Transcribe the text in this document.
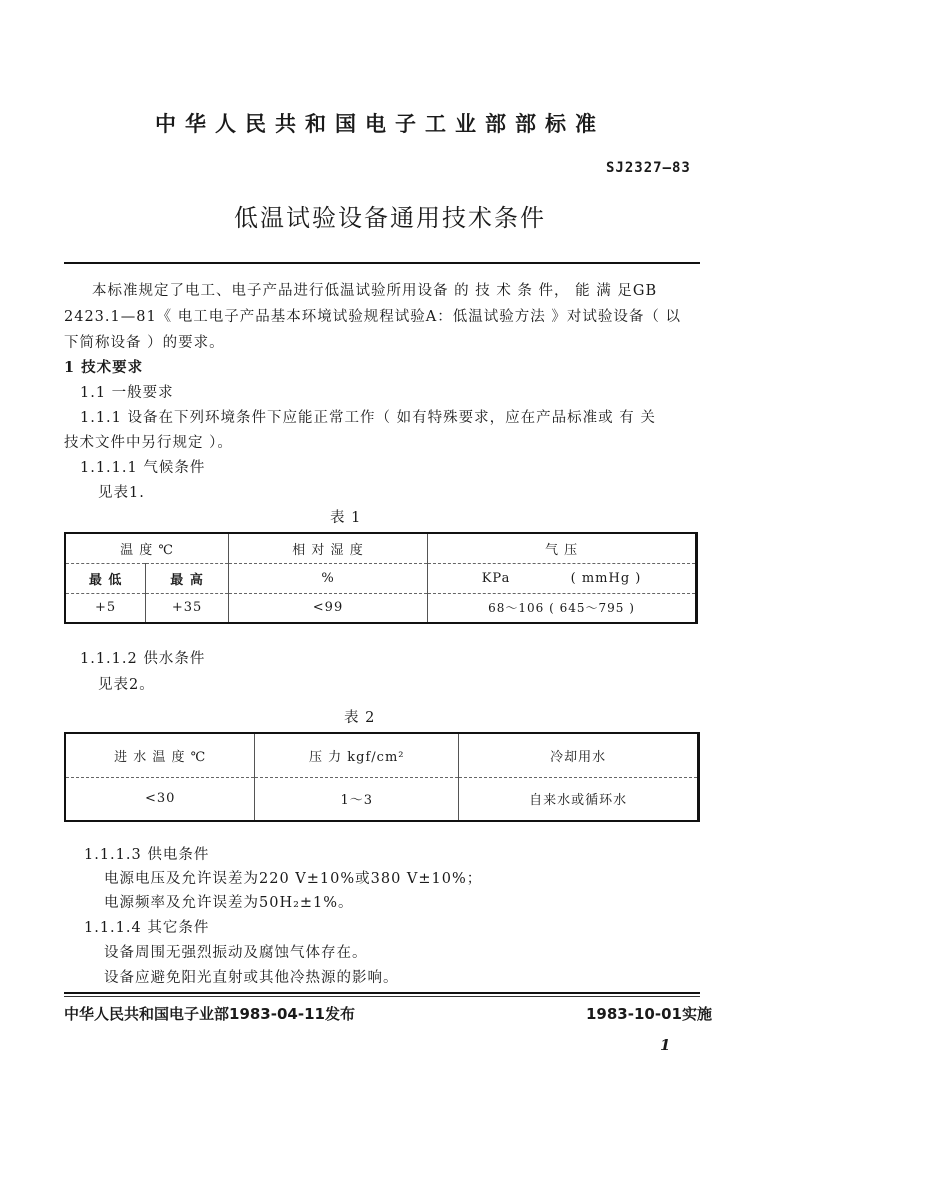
中华人民共和国电子工业部部标准
SJ2327—83
低温试验设备通用技术条件
本标准规定了电工、电子产品进行低温试验所用设备 的 技 术 条 件， 能 满 足GB
2423.1—81《 电工电子产品基本环境试验规程试验A：低温试验方法 》对试验设备（ 以
下简称设备 ）的要求。
1 技术要求
1.1 一般要求
1.1.1 设备在下列环境条件下应能正常工作（ 如有特殊要求，应在产品标准或 有 关
技术文件中另行规定 ）。
1.1.1.1 气候条件
见表1.
表 1
温 度 ℃		相 对 湿 度	气 压
最 低	最 高	%	KPa ( mmHg )
+5	+35	<99	68～106 ( 645～795 )
1.1.1.2 供水条件
见表2。
表 2
进 水 温 度 ℃	压 力 kgf/cm²	冷却用水
<30	1～3	自来水或循环水
1.1.1.3 供电条件
电源电压及允许误差为220 V±10%或380 V±10%；
电源频率及允许误差为50H₂±1%。
1.1.1.4 其它条件
设备周围无强烈振动及腐蚀气体存在。
设备应避免阳光直射或其他冷热源的影响。
中华人民共和国电子业部1983-04-11发布	1983-10-01实施
1
